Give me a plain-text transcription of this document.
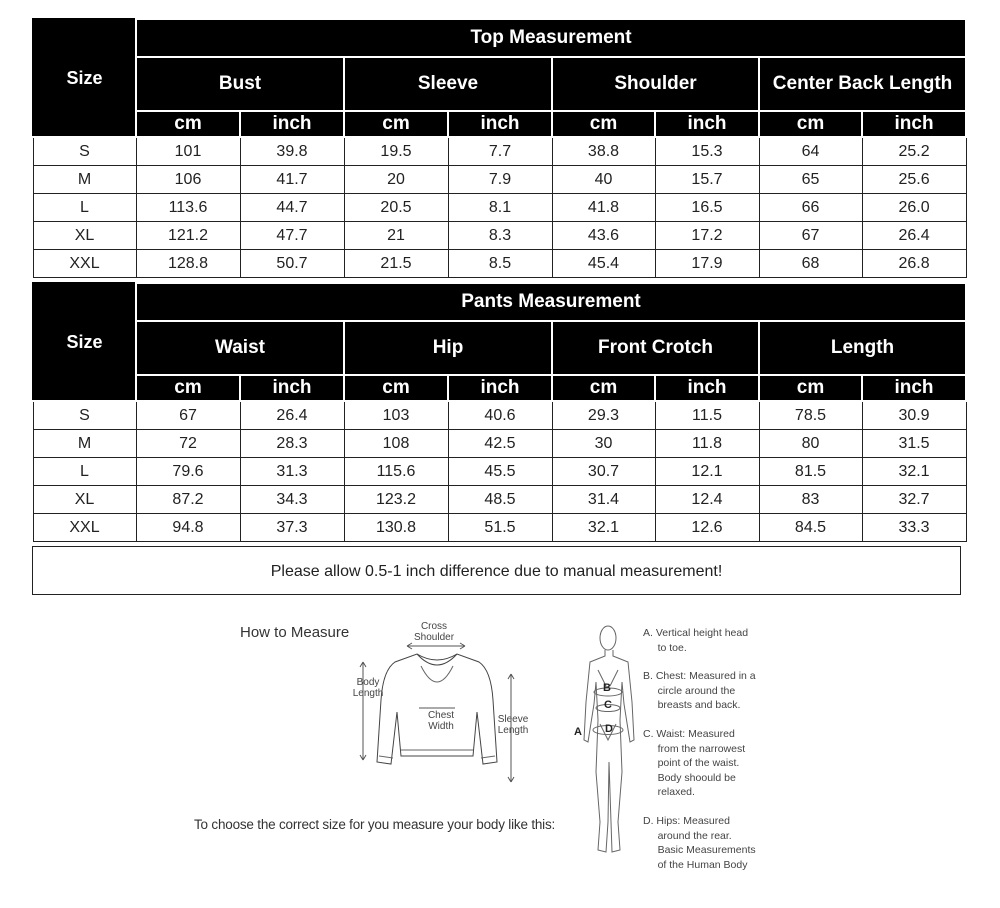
Size	Top Measurement							
	Bust		Sleeve		Shoulder		Center Back Length	
	cm	inch	cm	inch	cm	inch	cm	inch
S	101	39.8	19.5	7.7	38.8	15.3	64	25.2
M	106	41.7	20	7.9	40	15.7	65	25.6
L	113.6	44.7	20.5	8.1	41.8	16.5	66	26.0
XL	121.2	47.7	21	8.3	43.6	17.2	67	26.4
XXL	128.8	50.7	21.5	8.5	45.4	17.9	68	26.8
Size	Pants Measurement							
	Waist		Hip		Front Crotch		Length	
	cm	inch	cm	inch	cm	inch	cm	inch
S	67	26.4	103	40.6	29.3	11.5	78.5	30.9
M	72	28.3	108	42.5	30	11.8	80	31.5
L	79.6	31.3	115.6	45.5	30.7	12.1	81.5	32.1
XL	87.2	34.3	123.2	48.5	31.4	12.4	83	32.7
XXL	94.8	37.3	130.8	51.5	32.1	12.6	84.5	33.3
Please allow 0.5-1 inch difference due to manual measurement!
How to Measure	Cross
Shoulder
Body
Length
Chest
Width
Sleeve
Length	A
B
C
D
A. Vertical height head
to toe.
B. Chest: Measured in a
circle around the
breasts and back.
C. Waist: Measured
from the narrowest
point of the waist.
Body shoould be
relaxed.
D. Hips: Measured
around the rear.
Basic Measurements
of the Human Body
To choose the correct size for you measure your body like this:
